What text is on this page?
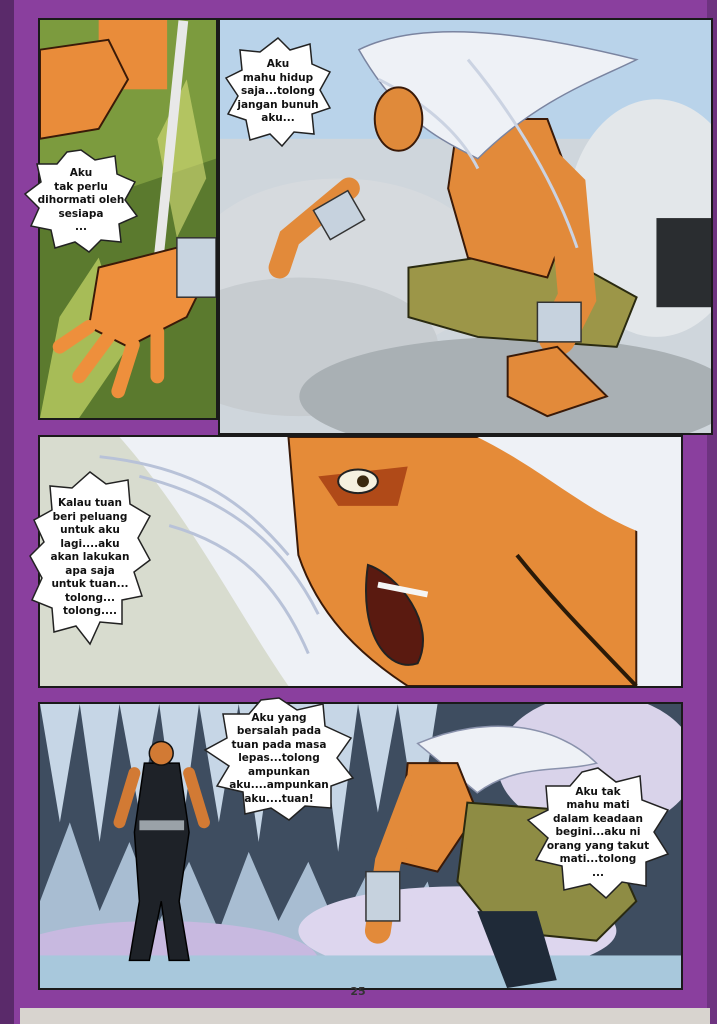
Aku
tak perlu
dihormati oleh
sesiapa
...
Aku
mahu hidup
saja...tolong
jangan bunuh
aku...
Kalau tuan
beri peluang
untuk aku
lagi....aku
akan lakukan
apa saja
untuk tuan...
tolong...
tolong....
Aku yang
bersalah pada
tuan pada masa
lepas...tolong
ampunkan
aku....ampunkan
aku....tuan!
Aku tak
mahu mati
dalam keadaan
begini...aku ni
orang yang takut
mati...tolong
...
25
